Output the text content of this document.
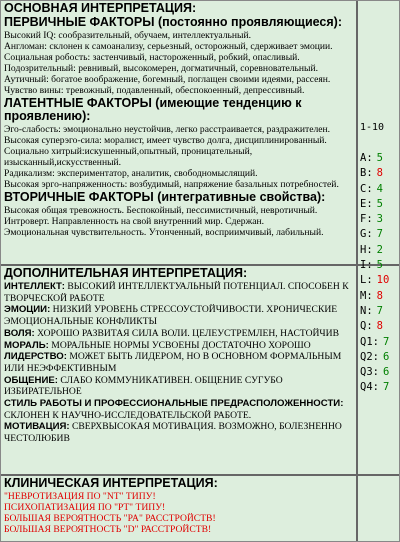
ОСНОВНАЯ ИНТЕРПРЕТАЦИЯ:
ПЕРВИЧНЫЕ ФАКТОРЫ (постоянно проявляющиеся):
Высокий IQ: сообразительный, обучаем, интеллектуальный.
Англоман: склонен к самоанализу, серьезный, осторожный, сдерживает эмоции.
Социальная робость: застенчивый, настороженный, робкий, опасливый.
Подозрительный: ревнивый, высокомерен, догматичный, соревновательный.
Аутичный: богатое воображение, богемный, поглащен своими идеями, рассеян.
Чувство вины: тревожный, подавленный, обеспокоенный, депрессивный.
ЛАТЕНТНЫЕ ФАКТОРЫ (имеющие тенденцию к
проявлению):
Эго-слабость: эмоционально неустойчив, легко расстраивается, раздражителен.
Высокая суперэго-сила: моралист, имеет чувство долга, дисциплинированный.
Социально хитрый:искушенный,опытный, проницательный,
изысканный,искусственный.
Радикализм: экспериментатор, аналитик, свободномыслящий.
Высокая эрго-напряженность: возбудимый, напряжение базальных потребностей.
ВТОРИЧНЫЕ ФАКТОРЫ (интегративные свойства):
Высокая общая тревожность. Беспокойный, пессимистичный, невротичный.
Интроверт. Направленность на свой внутренний мир. Сдержан.
Эмоциональная чувствительность. Утонченный, восприимчивый, лабильный.
ДОПОЛНИТЕЛЬНАЯ ИНТЕРПРЕТАЦИЯ:
ИНТЕЛЛЕКТ: ВЫСОКИЙ ИНТЕЛЛЕКТУАЛЬНЫЙ ПОТЕНЦИАЛ. СПОСОБЕН К ТВОРЧЕСКОЙ РАБОТЕ
ЭМОЦИИ: НИЗКИЙ УРОВЕНЬ СТРЕССОУСТОЙЧИВОСТИ. ХРОНИЧЕСКИЕ ЭМОЦИОНАЛЬНЫЕ КОНФЛИКТЫ
ВОЛЯ: ХОРОШО РАЗВИТАЯ СИЛА ВОЛИ. ЦЕЛЕУСТРЕМЛЕН, НАСТОЙЧИВ
МОРАЛЬ: МОРАЛЬНЫЕ НОРМЫ УСВОЕНЫ ДОСТАТОЧНО ХОРОШО
ЛИДЕРСТВО: МОЖЕТ БЫТЬ ЛИДЕРОМ, НО В ОСНОВНОМ ФОРМАЛЬНЫМ ИЛИ НЕЭФФЕКТИВНЫМ
ОБЩЕНИЕ: СЛАБО КОММУНИКАТИВЕН. ОБЩЕНИЕ СУГУБО ИЗБИРАТЕЛЬНОЕ
СТИЛЬ РАБОТЫ И ПРОФЕССИОНАЛЬНЫЕ ПРЕДРАСПОЛОЖЕННОСТИ: СКЛОНЕН К НАУЧНО-ИССЛЕДОВАТЕЛЬСКОЙ РАБОТЕ.
МОТИВАЦИЯ: СВЕРХВЫСОКАЯ МОТИВАЦИЯ. ВОЗМОЖНО, БОЛЕЗНЕННО ЧЕСТОЛЮБИВ
КЛИНИЧЕСКАЯ ИНТЕРПРЕТАЦИЯ:
"НЕВРОТИЗАЦИЯ ПО "NT" ТИПУ!
ПСИХОПАТИЗАЦИЯ ПО "PT" ТИПУ!
БОЛЬШАЯ ВЕРОЯТНОСТЬ "PA" РАССТРОЙСТВ!
БОЛЬШАЯ ВЕРОЯТНОСТЬ "D" РАССТРОЙСТВ!
1-10
A: 5
B: 8
C: 4
E: 5
F: 3
G: 7
H: 2
I: 5
L: 10
M: 8
N: 7
Q: 8
Q1: 7
Q2: 6
Q3: 6
Q4: 7
